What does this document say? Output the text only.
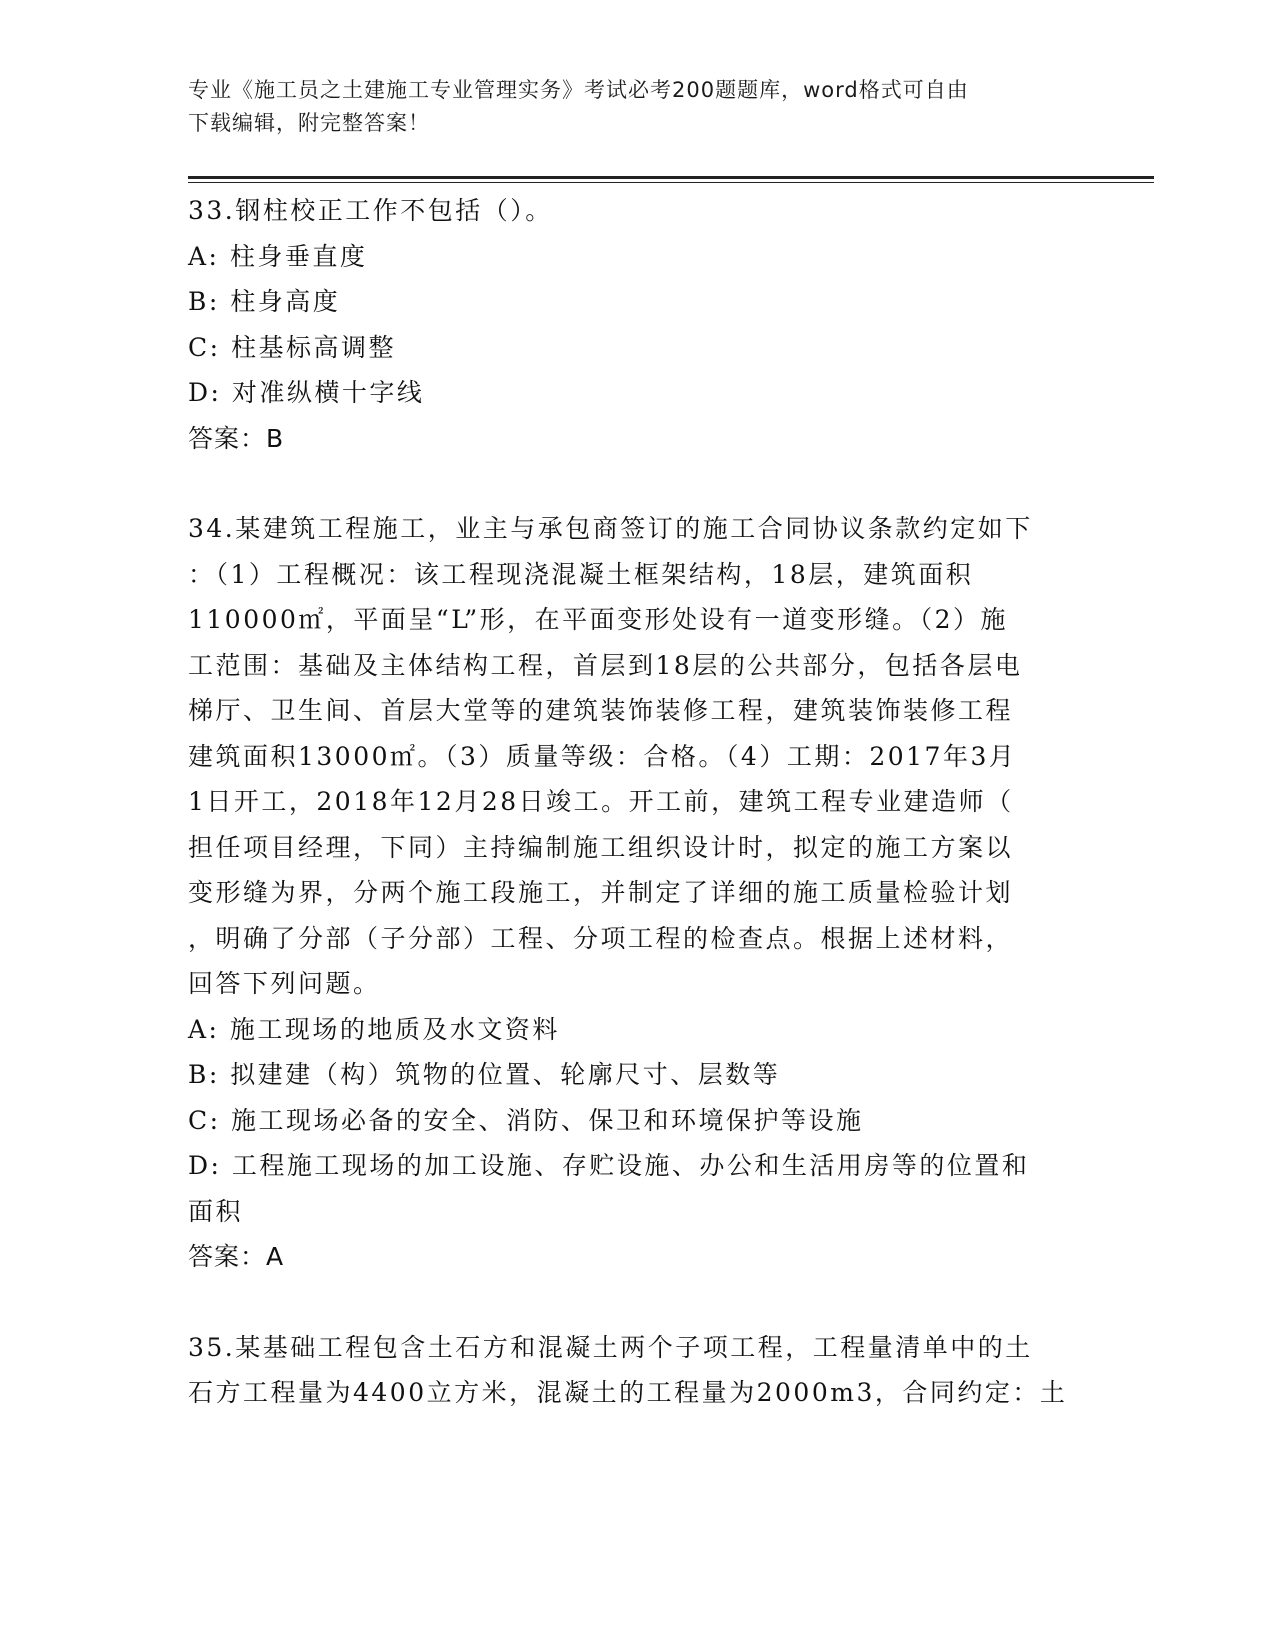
专业《施工员之土建施工专业管理实务》考试必考200题题库，word格式可自由
下载编辑，附完整答案！
33.钢柱校正工作不包括（）。
A: 柱身垂直度
B: 柱身高度
C: 柱基标高调整
D: 对准纵横十字线
答案：B
34.某建筑工程施工，业主与承包商签订的施工合同协议条款约定如下
：（1）工程概况：该工程现浇混凝土框架结构，18层，建筑面积
110000㎡，平面呈“L”形，在平面变形处设有一道变形缝。（2）施
工范围：基础及主体结构工程，首层到18层的公共部分，包括各层电
梯厅、卫生间、首层大堂等的建筑装饰装修工程，建筑装饰装修工程
建筑面积13000㎡。（3）质量等级：合格。（4）工期：2017年3月
1日开工，2018年12月28日竣工。开工前，建筑工程专业建造师（
担任项目经理，下同）主持编制施工组织设计时，拟定的施工方案以
变形缝为界，分两个施工段施工，并制定了详细的施工质量检验计划
，明确了分部（子分部）工程、分项工程的检查点。根据上述材料，
回答下列问题。
A: 施工现场的地质及水文资料
B: 拟建建（构）筑物的位置、轮廓尺寸、层数等
C: 施工现场必备的安全、消防、保卫和环境保护等设施
D: 工程施工现场的加工设施、存贮设施、办公和生活用房等的位置和
面积
答案：A
35.某基础工程包含土石方和混凝土两个子项工程，工程量清单中的土
石方工程量为4400立方米，混凝土的工程量为2000m3，合同约定：土
